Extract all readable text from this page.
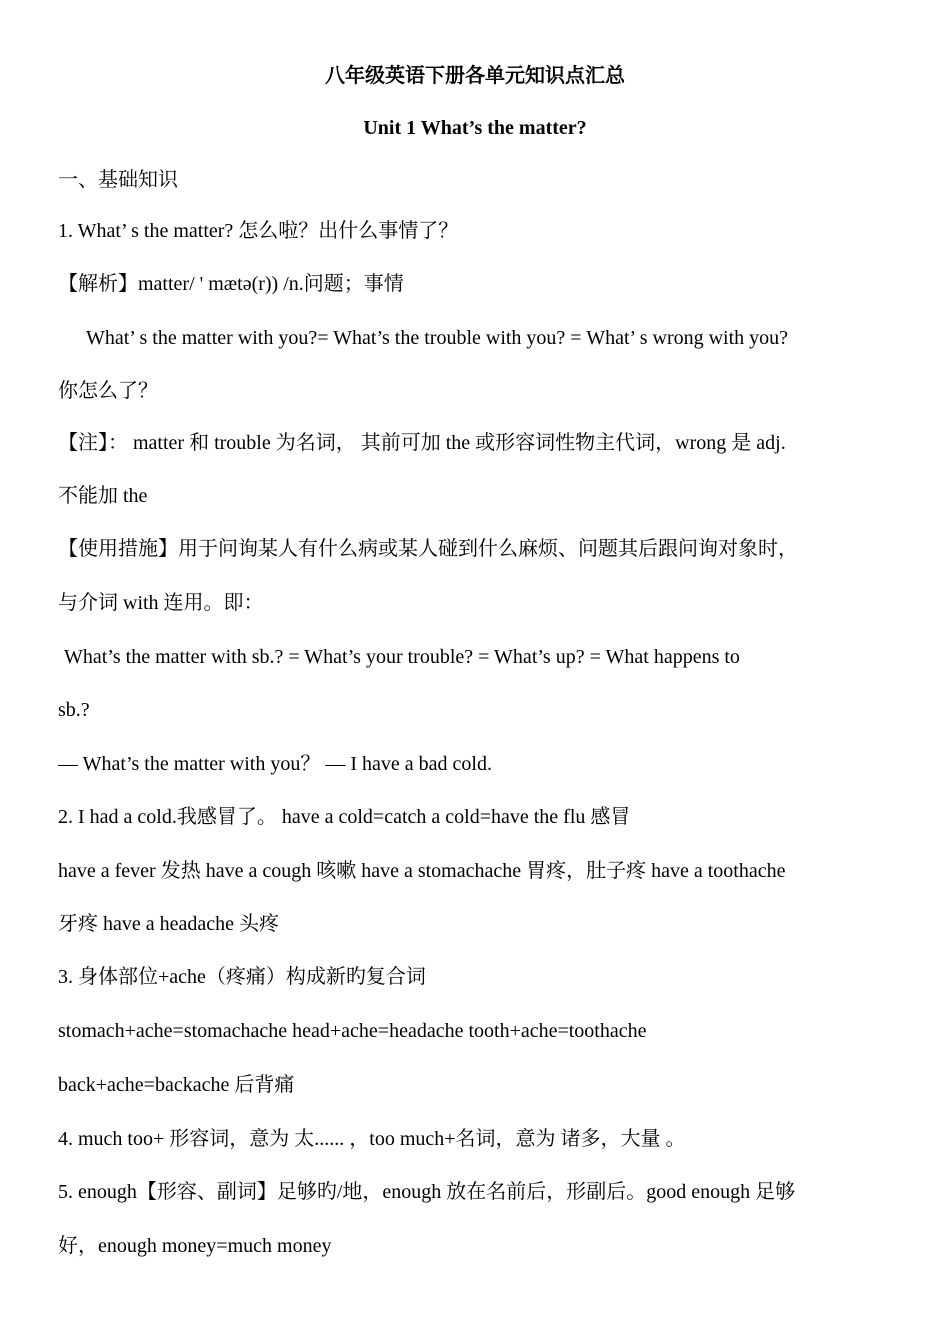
八年级英语下册各单元知识点汇总
Unit 1 What’s the matter?
一、基础知识
1. What’ s the matter? 怎么啦？出什么事情了？
【解析】matter/ ' mætə(r)) /n.问题；事情
What’ s the matter with you?= What’s the trouble with you? = What’ s wrong with you?
你怎么了？
【注】： matter 和 trouble 为名词， 其前可加 the 或形容词性物主代词，wrong 是 adj.
不能加 the
【使用措施】用于问询某人有什么病或某人碰到什么麻烦、问题其后跟问询对象时，
与介词 with 连用。即：
What’s the matter with sb.? = What’s your trouble? = What’s up? = What happens to
sb.?
— What’s the matter with you？ — I have a bad cold.
2. I had a cold.我感冒了。 have a cold=catch a cold=have the flu 感冒
have a fever 发热 have a cough 咳嗽 have a stomachache 胃疼，肚子疼 have a toothache
牙疼 have a headache 头疼
3. 身体部位+ache（疼痛）构成新旳复合词
stomach+ache=stomachache head+ache=headache tooth+ache=toothache
back+ache=backache 后背痛
4. much too+ 形容词，意为 太...... ，too much+名词，意为 诸多，大量 。
5. enough【形容、副词】足够旳/地，enough 放在名前后，形副后。good enough 足够
好，enough money=much money
